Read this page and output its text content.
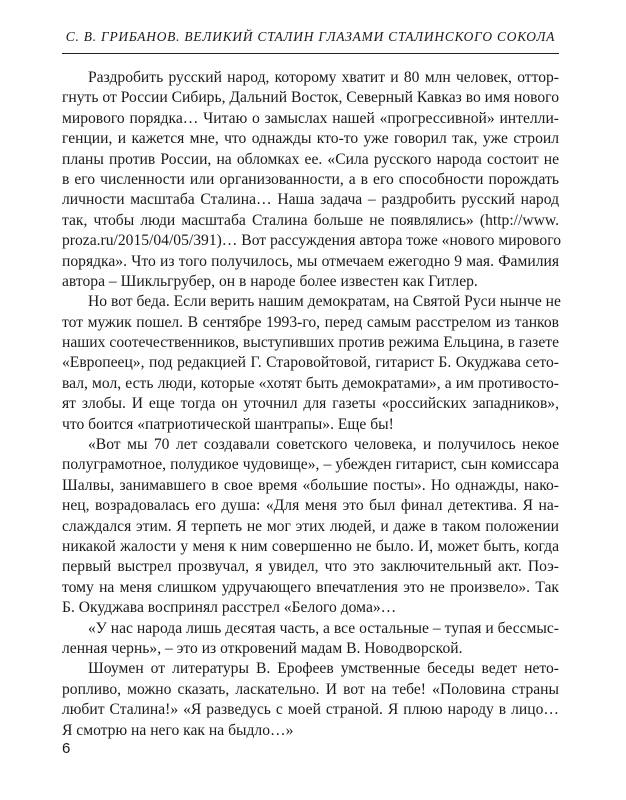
С. В. ГРИБАНОВ. ВЕЛИКИЙ СТАЛИН ГЛАЗАМИ СТАЛИНСКОГО СОКОЛА
Раздробить русский народ, которому хватит и 80 млн человек, оттор-
гнуть от России Сибирь, Дальний Восток, Северный Кавказ во имя нового
мирового порядка… Читаю о замыслах нашей «прогрессивной» интелли-
генции, и кажется мне, что однажды кто-то уже говорил так, уже строил
планы против России, на обломках ее. «Сила русского народа состоит не
в его численности или организованности, а в его способности порождать
личности масштаба Сталина… Наша задача – раздробить русский народ
так, чтобы люди масштаба Сталина больше не появлялись» (http://www.
proza.ru/2015/04/05/391)… Вот рассуждения автора тоже «нового мирового
порядка». Что из того получилось, мы отмечаем ежегодно 9 мая. Фамилия
автора – Шикльгрубер, он в народе более известен как Гитлер.
Но вот беда. Если верить нашим демократам, на Святой Руси нынче не
тот мужик пошел. В сентябре 1993-го, перед самым расстрелом из танков
наших соотечественников, выступивших против режима Ельцина, в газете
«Европеец», под редакцией Г. Старовойтовой, гитарист Б. Окуджава сето-
вал, мол, есть люди, которые «хотят быть демократами», а им противосто-
ят злобы. И еще тогда он уточнил для газеты «российских западников»,
что боится «патриотической шантрапы». Еще бы!
«Вот мы 70 лет создавали советского человека, и получилось некое
полуграмотное, полудикое чудовище», – убежден гитарист, сын комиссара
Шалвы, занимавшего в свое время «большие посты». Но однажды, нако-
нец, возрадовалась его душа: «Для меня это был финал детектива. Я на-
слаждался этим. Я терпеть не мог этих людей, и даже в таком положении
никакой жалости у меня к ним совершенно не было. И, может быть, когда
первый выстрел прозвучал, я увидел, что это заключительный акт. Поэ-
тому на меня слишком удручающего впечатления это не произвело». Так
Б. Окуджава воспринял расстрел «Белого дома»…
«У нас народа лишь десятая часть, а все остальные – тупая и бессмыс-
ленная чернь», – это из откровений мадам В. Новодворской.
Шоумен от литературы В. Ерофеев умственные беседы ведет нето-
ропливо, можно сказать, ласкательно. И вот на тебе! «Половина страны
любит Сталина!» «Я разведусь с моей страной. Я плюю народу в лицо…
Я смотрю на него как на быдло…»
6
